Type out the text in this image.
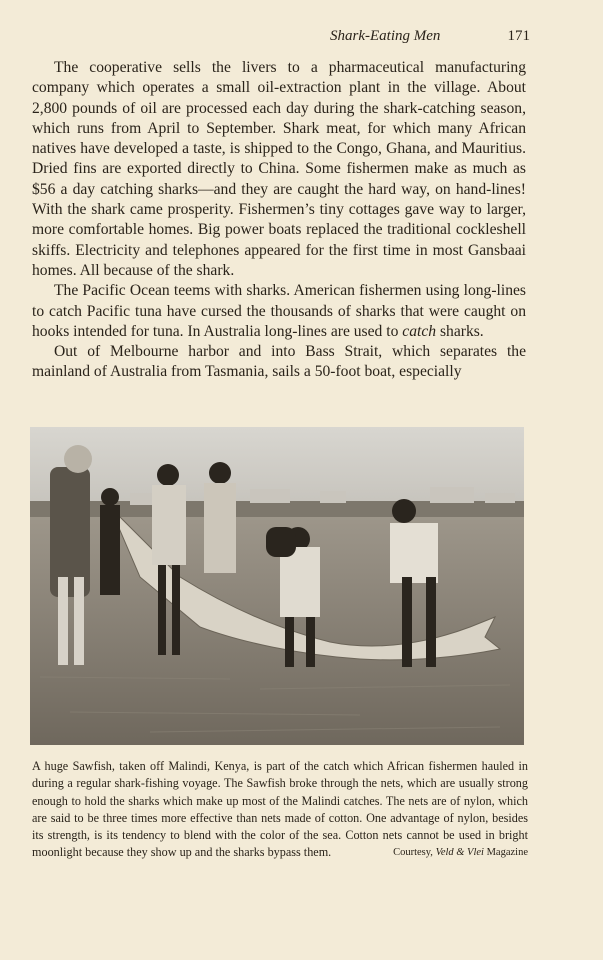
Shark-Eating Men	171

The cooperative sells the livers to a pharmaceutical manufacturing company which operates a small oil-extraction plant in the village. About 2,800 pounds of oil are processed each day during the shark-catching season, which runs from April to September. Shark meat, for which many African natives have developed a taste, is shipped to the Congo, Ghana, and Mauritius. Dried fins are exported directly to China. Some fishermen make as much as $56 a day catching sharks—and they are caught the hard way, on hand-lines! With the shark came prosperity. Fishermen’s tiny cottages gave way to larger, more comfortable homes. Big power boats replaced the traditional cockleshell skiffs. Electricity and telephones appeared for the first time in most Gansbaai homes. All because of the shark.

The Pacific Ocean teems with sharks. American fishermen using long-lines to catch Pacific tuna have cursed the thousands of sharks that were caught on hooks intended for tuna. In Australia long-lines are used to catch sharks.

Out of Melbourne harbor and into Bass Strait, which separates the mainland of Australia from Tasmania, sails a 50-foot boat, especially

A huge Sawfish, taken off Malindi, Kenya, is part of the catch which African fishermen hauled in during a regular shark-fishing voyage. The Sawfish broke through the nets, which are usually strong enough to hold the sharks which make up most of the Malindi catches. The nets are of nylon, which are said to be three times more effective than nets made of cotton. One advantage of nylon, besides its strength, is its tendency to blend with the color of the sea. Cotton nets cannot be used in bright moonlight because they show up and the sharks bypass them.	Courtesy, Veld & Vlei Magazine
